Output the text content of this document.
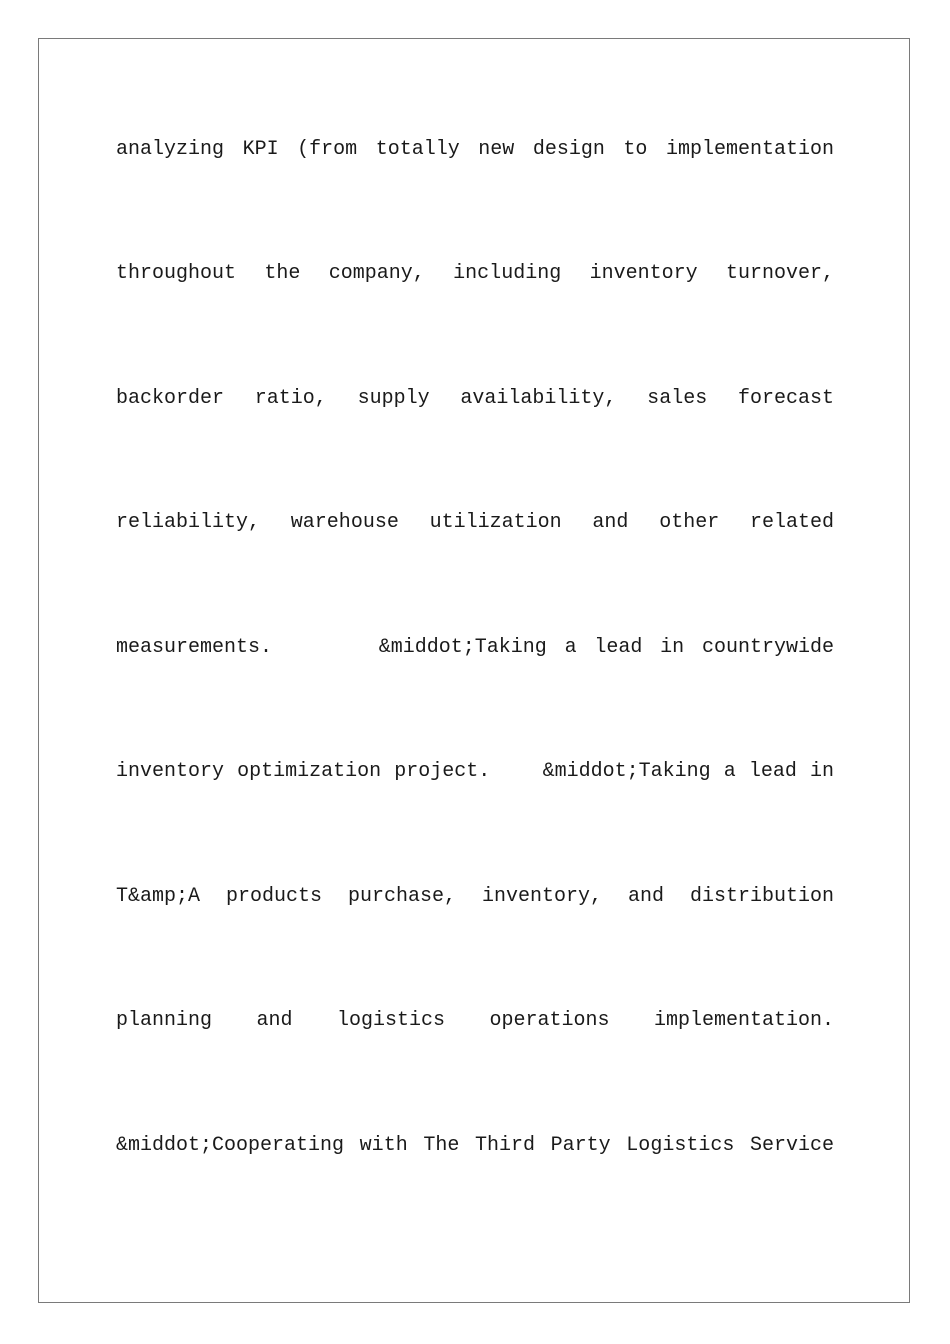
analyzing KPI (from totally new design to implementation
throughout the company, including inventory turnover,
backorder ratio, supply availability, sales forecast
reliability, warehouse utilization and other related
measurements.      &middot;Taking a lead in countrywide
inventory optimization project.    &middot;Taking a lead in
T&amp;A products purchase, inventory, and distribution
planning and logistics operations implementation.
&middot;Cooperating with The Third Party Logistics Service
